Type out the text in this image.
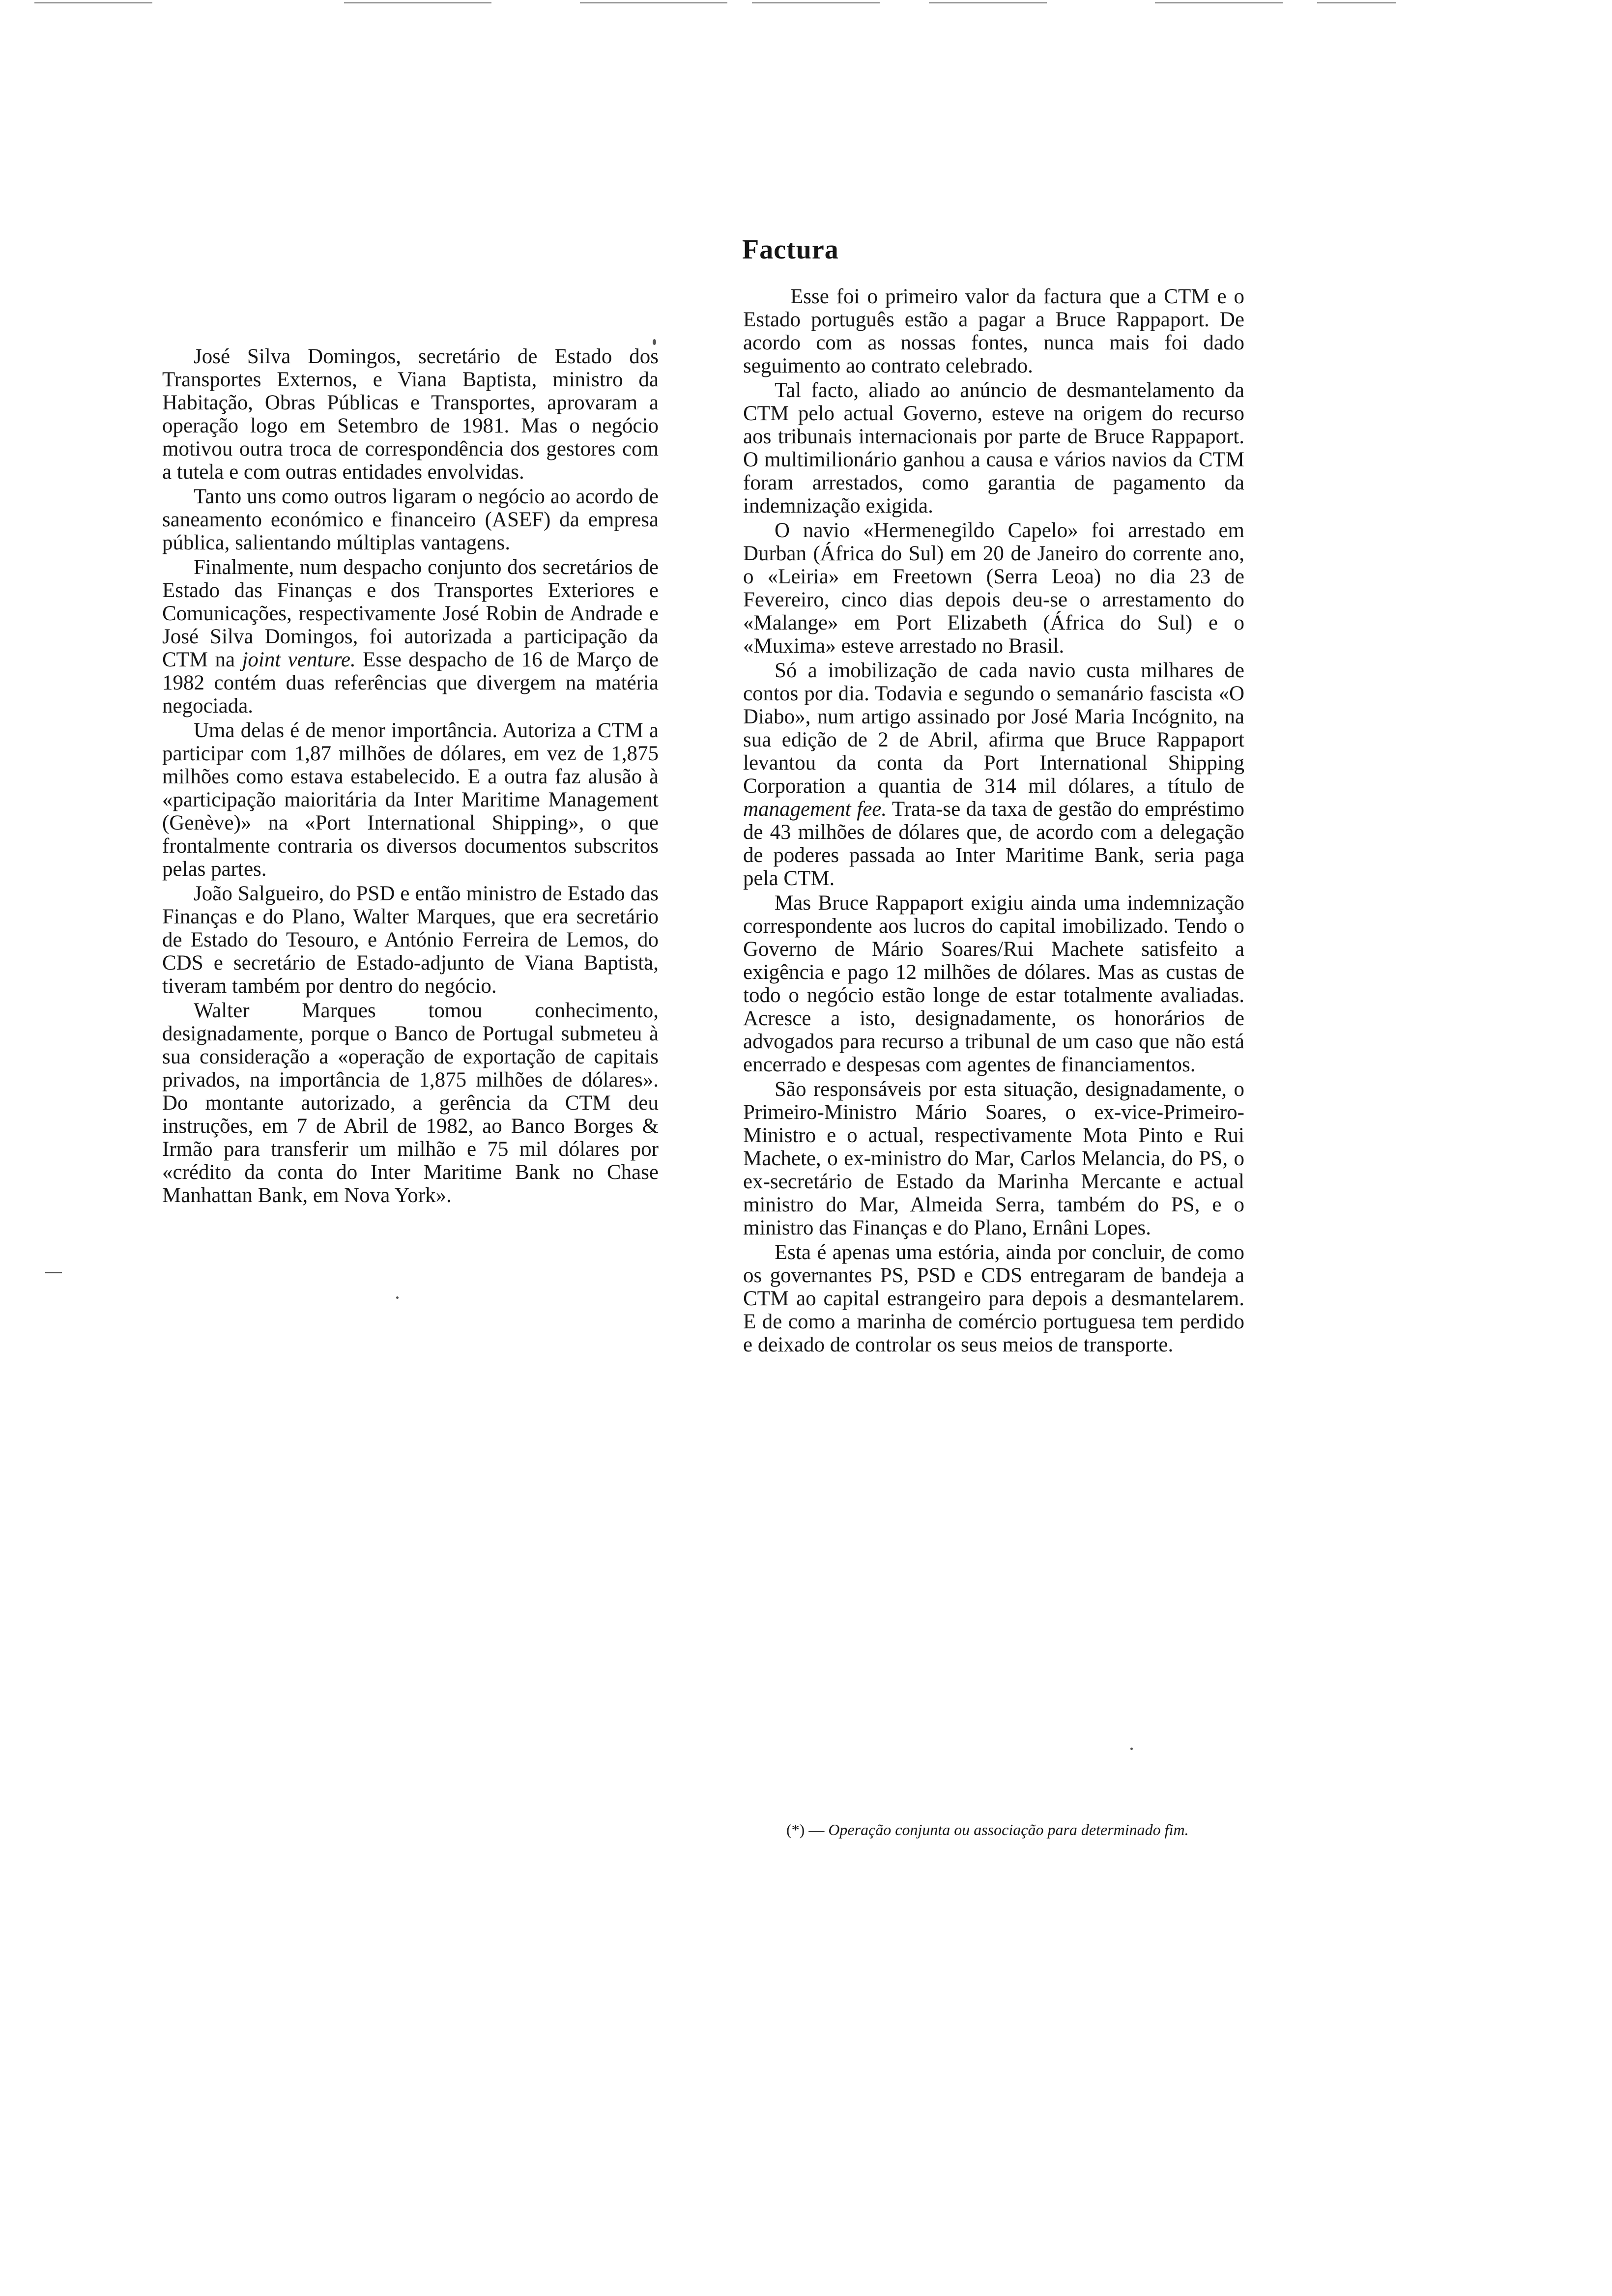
José Silva Domingos, secretário de Estado dos Transportes Externos, e Viana Baptista, ministro da Habitação, Obras Públicas e Transportes, aprovaram a operação logo em Setembro de 1981. Mas o negócio motivou outra troca de correspondência dos gestores com a tutela e com outras entidades envolvidas.

Tanto uns como outros ligaram o negócio ao acordo de saneamento económico e financeiro (ASEF) da empresa pública, salientando múltiplas vantagens.

Finalmente, num despacho conjunto dos secretários de Estado das Finanças e dos Transportes Exteriores e Comunicações, respectivamente José Robin de Andrade e José Silva Domingos, foi autorizada a participação da CTM na joint venture. Esse despacho de 16 de Março de 1982 contém duas referências que divergem na matéria negociada.

Uma delas é de menor importância. Autoriza a CTM a participar com 1,87 milhões de dólares, em vez de 1,875 milhões como estava estabelecido. E a outra faz alusão à «participação maioritária da Inter Maritime Management (Genève)» na «Port International Shipping», o que frontalmente contraria os diversos documentos subscritos pelas partes.

João Salgueiro, do PSD e então ministro de Estado das Finanças e do Plano, Walter Marques, que era secretário de Estado do Tesouro, e António Ferreira de Lemos, do CDS e secretário de Estado-adjunto de Viana Baptista, tiveram também por dentro do negócio.

Walter Marques tomou conhecimento, designadamente, porque o Banco de Portugal submeteu à sua consideração a «operação de exportação de capitais privados, na importância de 1,875 milhões de dólares». Do montante autorizado, a gerência da CTM deu instruções, em 7 de Abril de 1982, ao Banco Borges & Irmão para transferir um milhão e 75 mil dólares por «crédito da conta do Inter Maritime Bank no Chase Manhattan Bank, em Nova York».

Factura

Esse foi o primeiro valor da factura que a CTM e o Estado português estão a pagar a Bruce Rappaport. De acordo com as nossas fontes, nunca mais foi dado seguimento ao contrato celebrado.

Tal facto, aliado ao anúncio de desmantelamento da CTM pelo actual Governo, esteve na origem do recurso aos tribunais internacionais por parte de Bruce Rappaport. O multimilionário ganhou a causa e vários navios da CTM foram arrestados, como garantia de pagamento da indemnização exigida.

O navio «Hermenegildo Capelo» foi arrestado em Durban (África do Sul) em 20 de Janeiro do corrente ano, o «Leiria» em Freetown (Serra Leoa) no dia 23 de Fevereiro, cinco dias depois deu-se o arrestamento do «Malange» em Port Elizabeth (África do Sul) e o «Muxima» esteve arrestado no Brasil.

Só a imobilização de cada navio custa milhares de contos por dia. Todavia e segundo o semanário fascista «O Diabo», num artigo assinado por José Maria Incógnito, na sua edição de 2 de Abril, afirma que Bruce Rappaport levantou da conta da Port International Shipping Corporation a quantia de 314 mil dólares, a título de management fee. Trata-se da taxa de gestão do empréstimo de 43 milhões de dólares que, de acordo com a delegação de poderes passada ao Inter Maritime Bank, seria paga pela CTM.

Mas Bruce Rappaport exigiu ainda uma indemnização correspondente aos lucros do capital imobilizado. Tendo o Governo de Mário Soares/Rui Machete satisfeito a exigência e pago 12 milhões de dólares. Mas as custas de todo o negócio estão longe de estar totalmente avaliadas. Acresce a isto, designadamente, os honorários de advogados para recurso a tribunal de um caso que não está encerrado e despesas com agentes de financiamentos.

São responsáveis por esta situação, designadamente, o Primeiro-Ministro Mário Soares, o ex-vice-Primeiro-Ministro e o actual, respectivamente Mota Pinto e Rui Machete, o ex-ministro do Mar, Carlos Melancia, do PS, o ex-secretário de Estado da Marinha Mercante e actual ministro do Mar, Almeida Serra, também do PS, e o ministro das Finanças e do Plano, Ernâni Lopes.

Esta é apenas uma estória, ainda por concluir, de como os governantes PS, PSD e CDS entregaram de bandeja a CTM ao capital estrangeiro para depois a desmantelarem. E de como a marinha de comércio portuguesa tem perdido e deixado de controlar os seus meios de transporte.

(*) — Operação conjunta ou associação para determinado fim.
